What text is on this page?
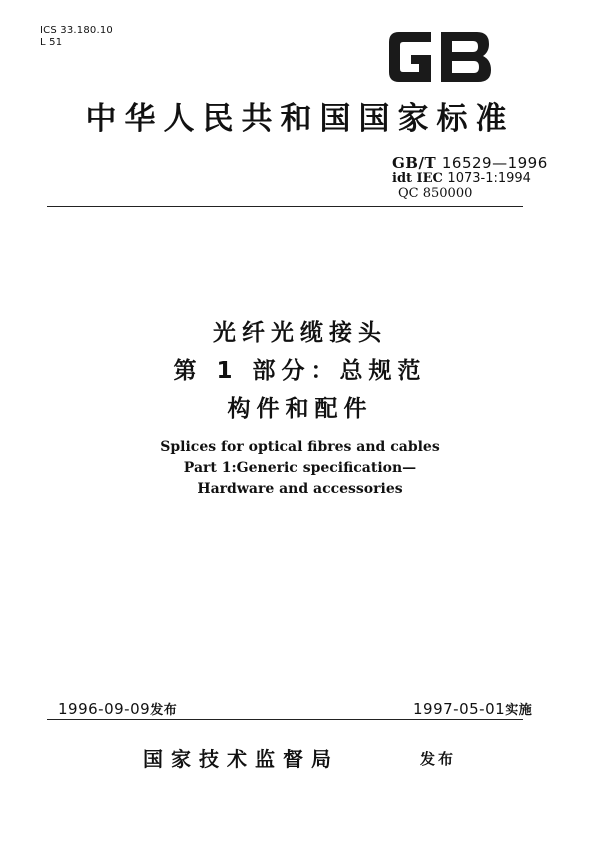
ICS 33.180.10
L 51
中华人民共和国国家标准
GB/T 16529—1996
idt IEC 1073-1:1994
QC 850000
光纤光缆接头
第 1 部分：总规范
构件和配件
Splices for optical fibres and cables
Part 1:Generic specification—
Hardware and accessories
1996-09-09发布	1997-05-01实施
国家技术监督局	发布
